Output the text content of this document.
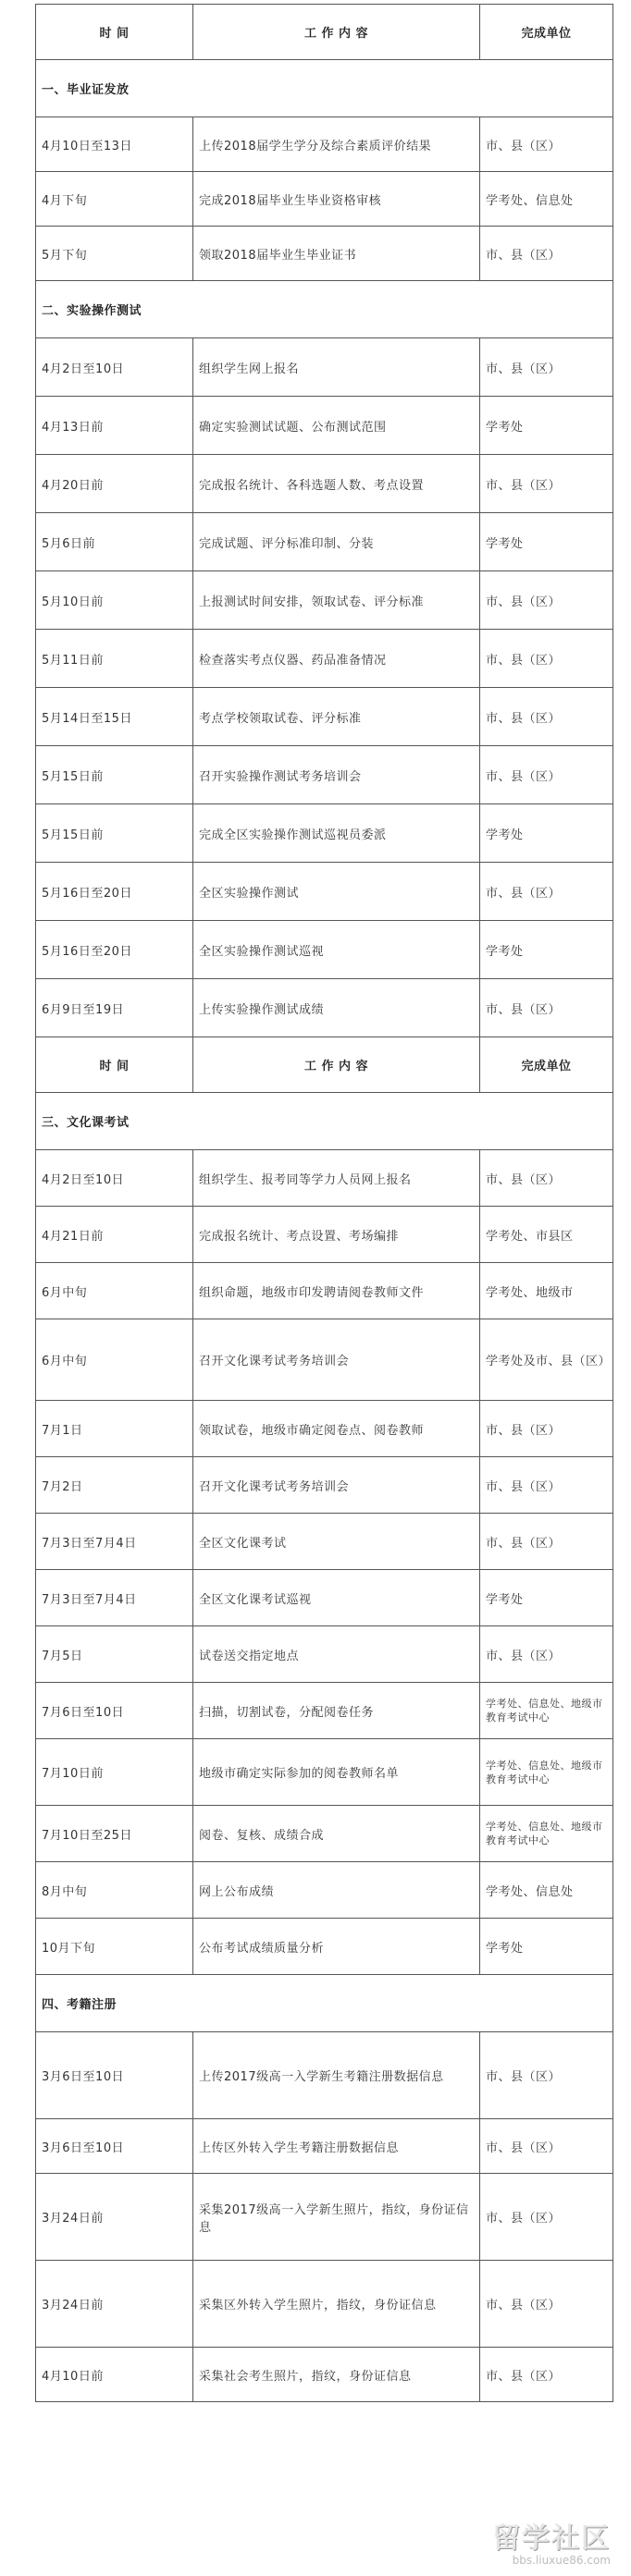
时 间	工 作 内 容	完成单位
一、毕业证发放		
4月10日至13日	上传2018届学生学分及综合素质评价结果	市、县（区）
4月下旬	完成2018届毕业生毕业资格审核	学考处、信息处
5月下旬	领取2018届毕业生毕业证书	市、县（区）
二、实验操作测试		
4月2日至10日	组织学生网上报名	市、县（区）
4月13日前	确定实验测试试题、公布测试范围	学考处
4月20日前	完成报名统计、各科选题人数、考点设置	市、县（区）
5月6日前	完成试题、评分标准印制、分装	学考处
5月10日前	上报测试时间安排，领取试卷、评分标准	市、县（区）
5月11日前	检查落实考点仪器、药品准备情况	市、县（区）
5月14日至15日	考点学校领取试卷、评分标准	市、县（区）
5月15日前	召开实验操作测试考务培训会	市、县（区）
5月15日前	完成全区实验操作测试巡视员委派	学考处
5月16日至20日	全区实验操作测试	市、县（区）
5月16日至20日	全区实验操作测试巡视	学考处
6月9日至19日	上传实验操作测试成绩	市、县（区）
时 间	工 作 内 容	完成单位
三、文化课考试		
4月2日至10日	组织学生、报考同等学力人员网上报名	市、县（区）
4月21日前	完成报名统计、考点设置、考场编排	学考处、市县区
6月中旬	组织命题，地级市印发聘请阅卷教师文件	学考处、地级市
6月中旬	召开文化课考试考务培训会	学考处及市、县（区）
7月1日	领取试卷，地级市确定阅卷点、阅卷教师	市、县（区）
7月2日	召开文化课考试考务培训会	市、县（区）
7月3日至7月4日	全区文化课考试	市、县（区）
7月3日至7月4日	全区文化课考试巡视	学考处
7月5日	试卷送交指定地点	市、县（区）
7月6日至10日	扫描，切割试卷，分配阅卷任务	学考处、信息处、地级市教育考试中心
7月10日前	地级市确定实际参加的阅卷教师名单	学考处、信息处、地级市教育考试中心
7月10日至25日	阅卷、复核、成绩合成	学考处、信息处、地级市教育考试中心
8月中旬	网上公布成绩	学考处、信息处
10月下旬	公布考试成绩质量分析	学考处
四、考籍注册		
3月6日至10日	上传2017级高一入学新生考籍注册数据信息	市、县（区）
3月6日至10日	上传区外转入学生考籍注册数据信息	市、县（区）
3月24日前	采集2017级高一入学新生照片，指纹，身份证信息	市、县（区）
3月24日前	采集区外转入学生照片，指纹，身份证信息	市、县（区）
4月10日前	采集社会考生照片，指纹，身份证信息	市、县（区）
留学社区
bbs.liuxue86.com
